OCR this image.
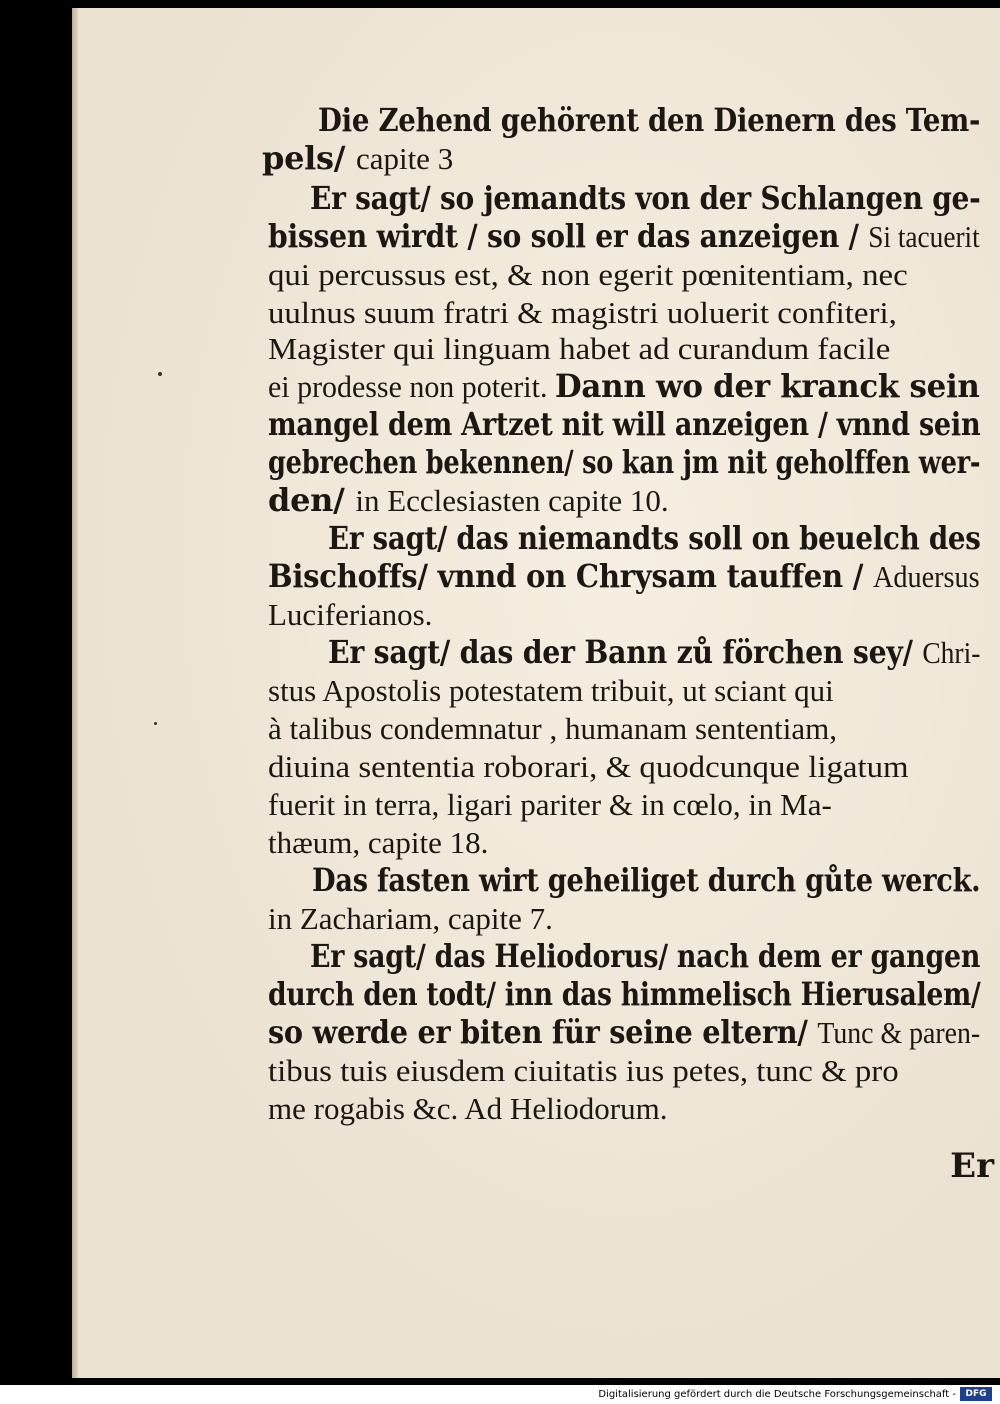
Die Zehend gehörent den Dienern des Tem-
pels/ capite 3
Er sagt/ so jemandts von der Schlangen ge-
bissen wirdt / so soll er das anzeigen / Si tacuerit
qui percussus est, & non egerit pœnitentiam, nec
uulnus suum fratri & magistri uoluerit confiteri,
Magister qui linguam habet ad curandum facile
ei prodesse non poterit. Dann wo der kranck sein
mangel dem Artzet nit will anzeigen / vnnd sein
gebrechen bekennen/ so kan jm nit geholffen wer-
den/ in Ecclesiasten capite 10.
Er sagt/ das niemandts soll on beuelch des
Bischoffs/ vnnd on Chrysam tauffen / Aduersus
Luciferianos.
Er sagt/ das der Bann zů förchen sey/ Chri-
stus Apostolis potestatem tribuit, ut sciant qui
à talibus condemnatur , humanam sententiam,
diuina sententia roborari, & quodcunque ligatum
fuerit in terra, ligari pariter & in cœlo, in Ma-
thæum, capite 18.
Das fasten wirt geheiliget durch gůte werck.
in Zachariam, capite 7.
Er sagt/ das Heliodorus/ nach dem er gangen
durch den todt/ inn das himmelisch Hierusalem/
so werde er biten für seine eltern/ Tunc & paren-
tibus tuis eiusdem ciuitatis ius petes, tunc & pro
me rogabis &c. Ad Heliodorum.
Er
Digitalisierung gefördert durch die Deutsche Forschungsgemeinschaft -	DFG
